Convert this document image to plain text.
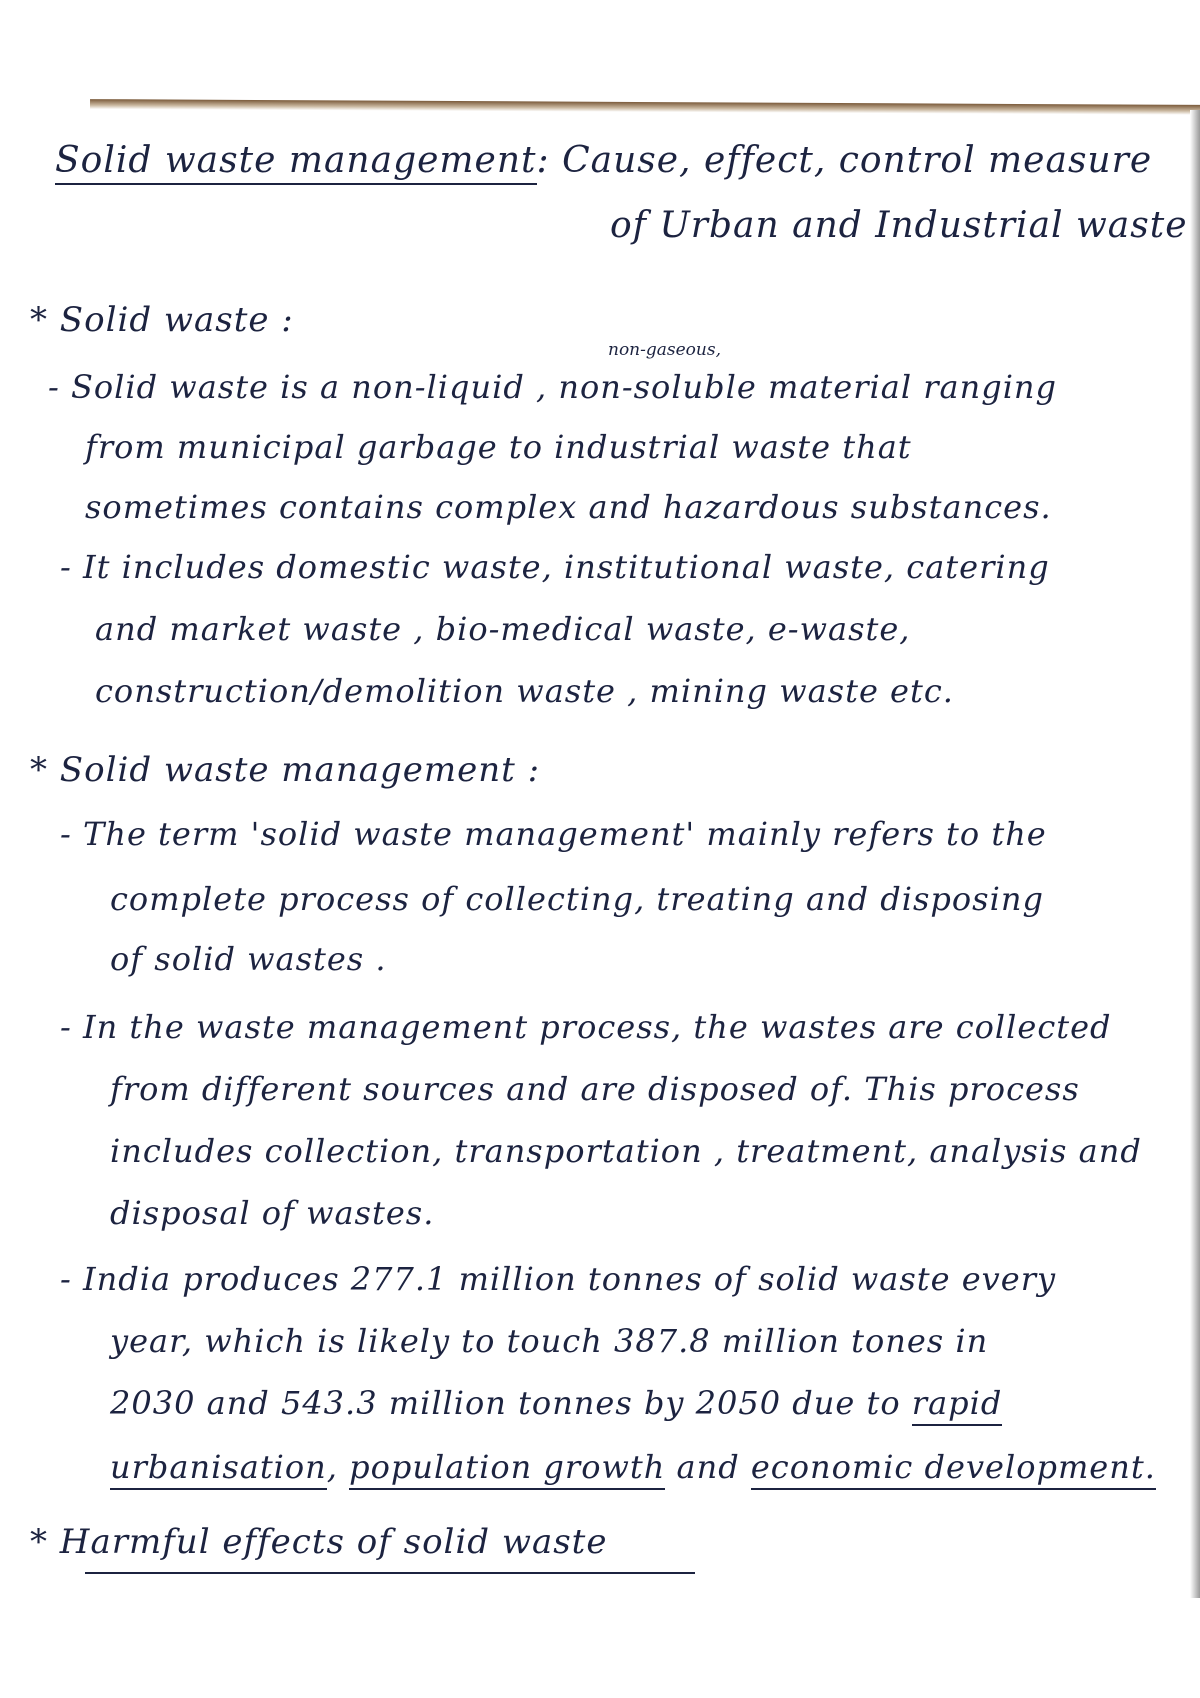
Solid waste management: Cause, effect, control measure
of Urban and Industrial waste
* Solid waste :
non-gaseous,
- Solid waste is a non-liquid , non-soluble material ranging
from municipal garbage to industrial waste that
sometimes contains complex and hazardous substances.
- It includes domestic waste, institutional waste, catering
and market waste , bio-medical waste, e-waste,
construction/demolition waste , mining waste etc.
* Solid waste management :
- The term 'solid waste management' mainly refers to the
complete process of collecting, treating and disposing
of solid wastes .
- In the waste management process, the wastes are collected
from different sources and are disposed of. This process
includes collection, transportation , treatment, analysis and
disposal of wastes.
- India produces 277.1 million tonnes of solid waste every
year, which is likely to touch 387.8 million tones in
2030 and 543.3 million tonnes by 2050 due to rapid
urbanisation, population growth and economic development.
* Harmful effects of solid waste
